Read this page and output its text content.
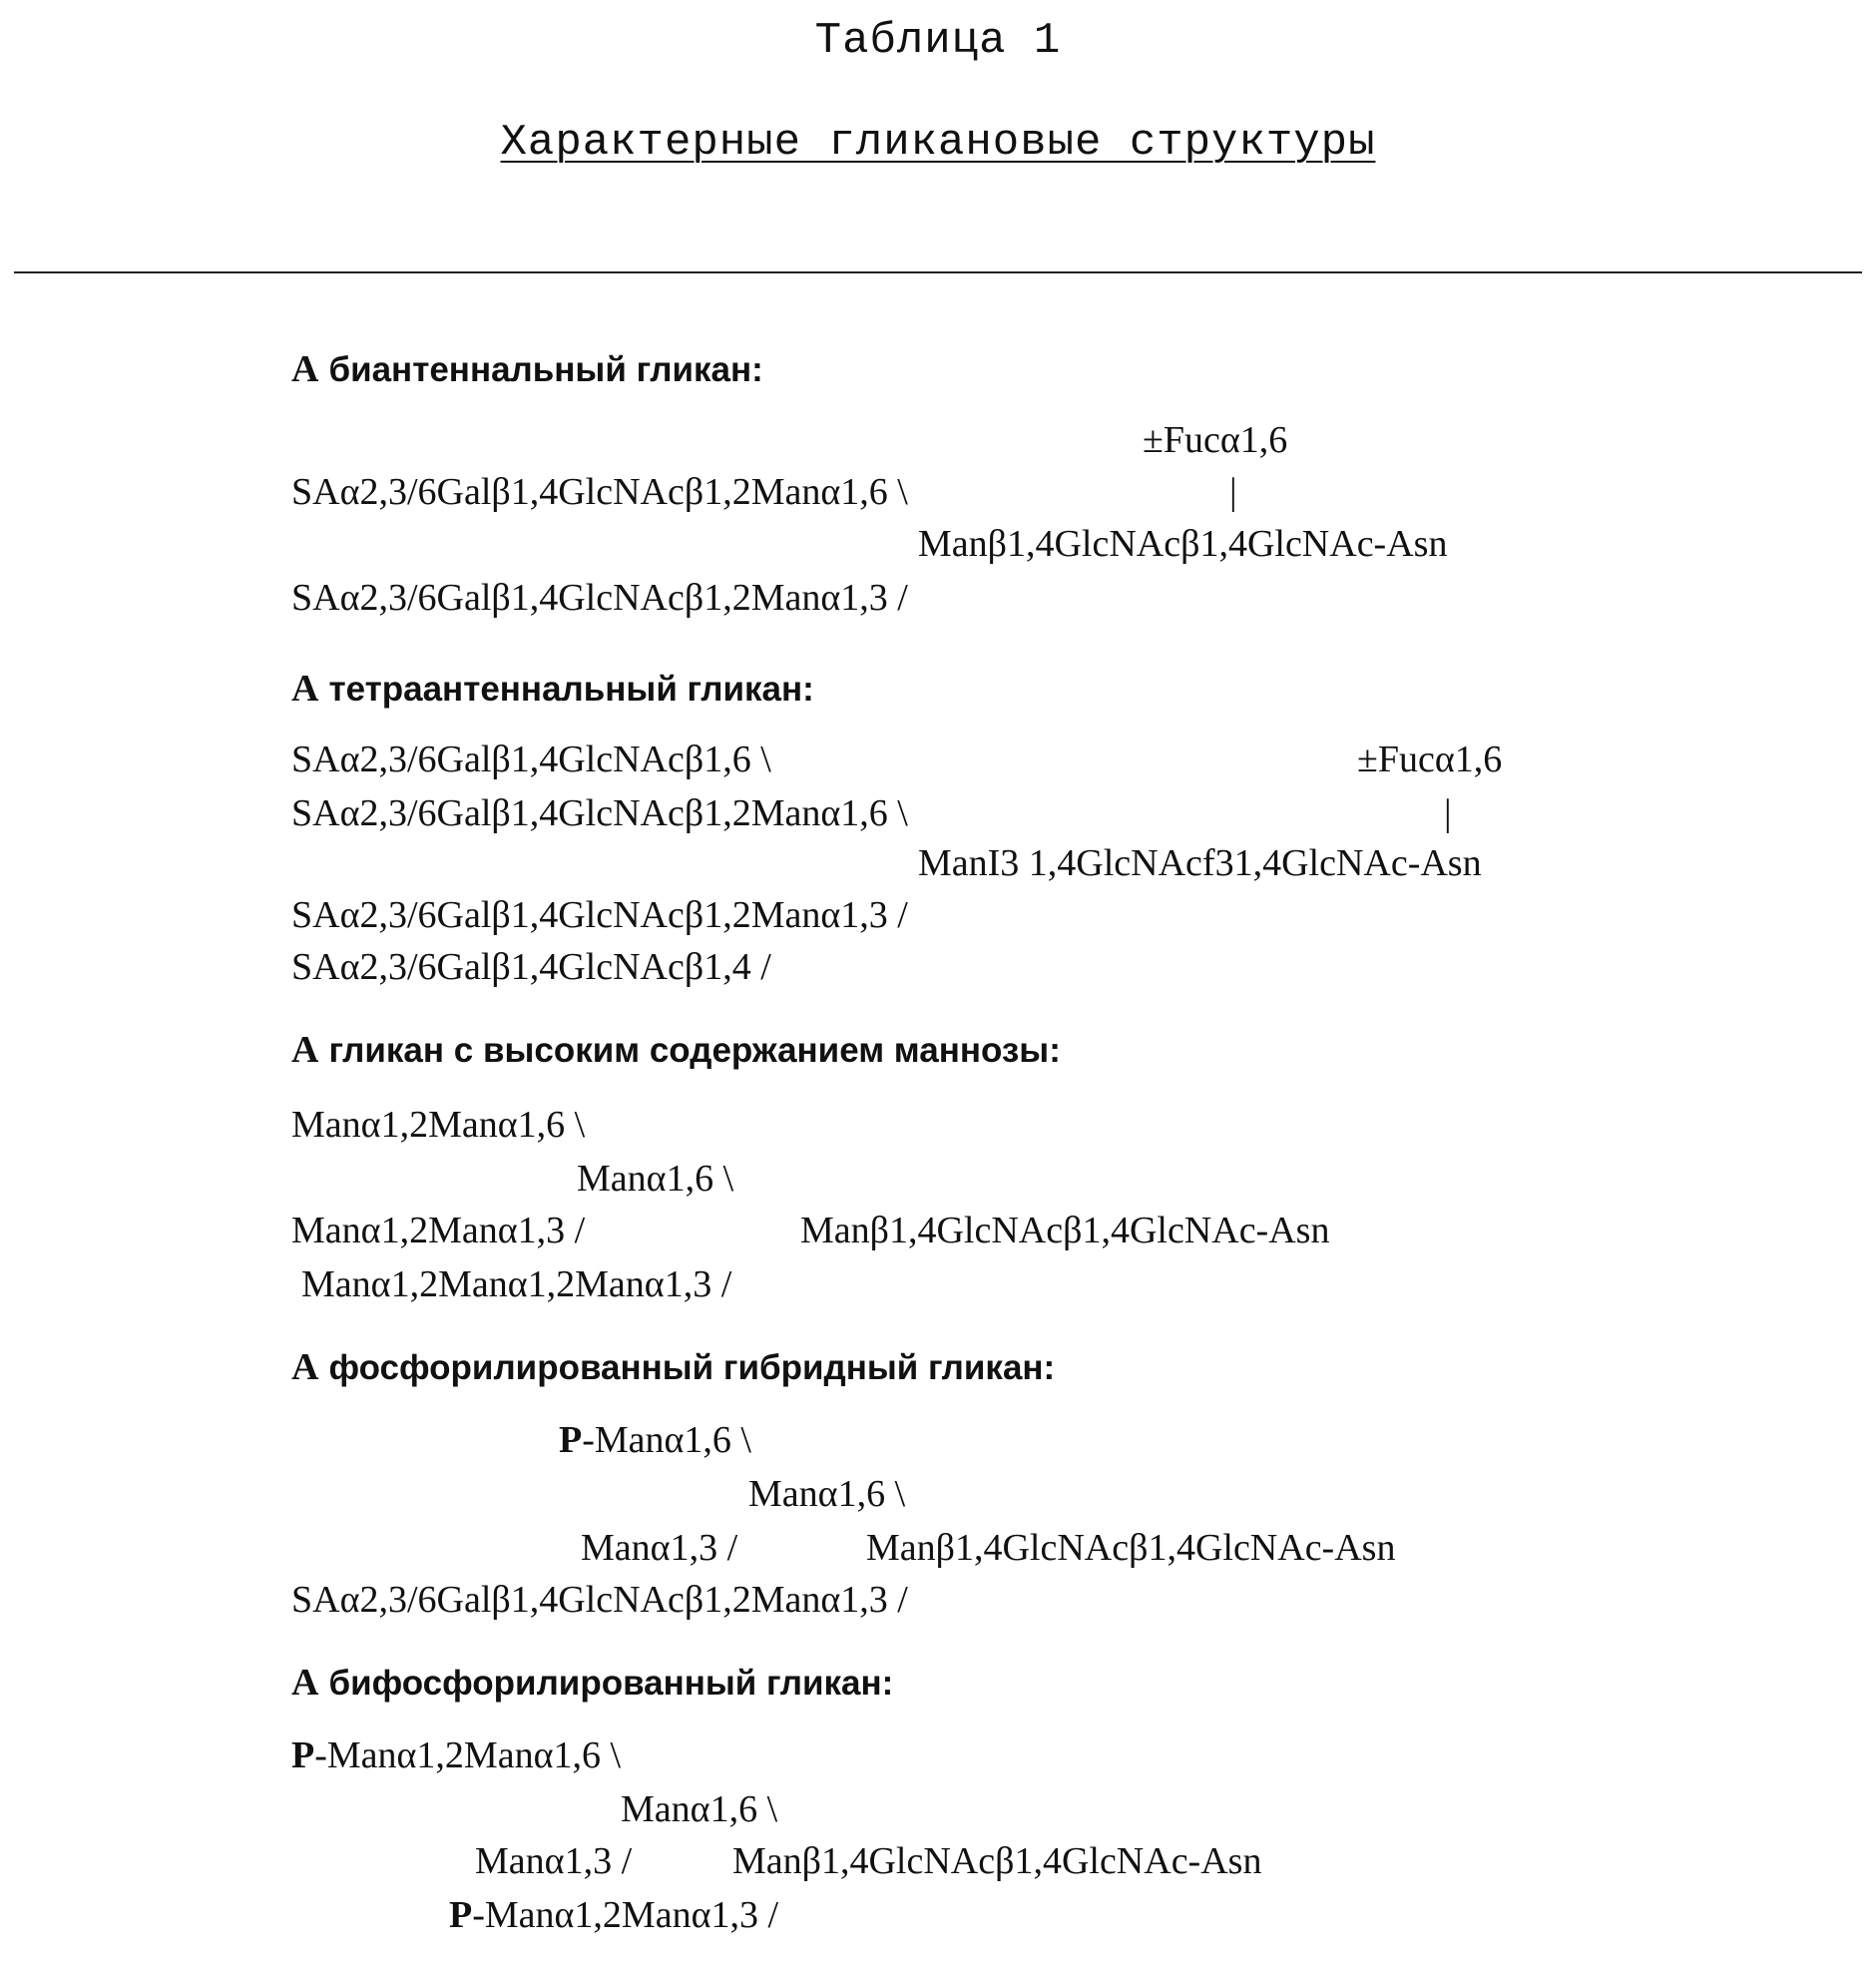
Таблица 1
Характерные гликановые структуры
А биантеннальный гликан:
±Fucα1,6
SAα2,3/6Galβ1,4GlcNAcβ1,2Manα1,6 \	|
Manβ1,4GlcNAcβ1,4GlcNAc-Asn
SAα2,3/6Galβ1,4GlcNAcβ1,2Manα1,3 /
А тетраантеннальный гликан:
SAα2,3/6Galβ1,4GlcNAcβ1,6 \	±Fucα1,6
SAα2,3/6Galβ1,4GlcNAcβ1,2Manα1,6 \	|
ManI3 1,4GlcNAcf31,4GlcNAc-Asn
SAα2,3/6Galβ1,4GlcNAcβ1,2Manα1,3 /
SAα2,3/6Galβ1,4GlcNAcβ1,4 /
А гликан с высоким содержанием маннозы:
Manα1,2Manα1,6 \
Manα1,6 \
Manα1,2Manα1,3 /	Manβ1,4GlcNAcβ1,4GlcNAc-Asn
Manα1,2Manα1,2Manα1,3 /
А фосфорилированный гибридный гликан:
P-Manα1,6 \
Manα1,6 \
Manα1,3 /	Manβ1,4GlcNAcβ1,4GlcNAc-Asn
SAα2,3/6Galβ1,4GlcNAcβ1,2Manα1,3 /
А бифосфорилированный гликан:
P-Manα1,2Manα1,6 \
Manα1,6 \
Manα1,3 /	Manβ1,4GlcNAcβ1,4GlcNAc-Asn
P-Manα1,2Manα1,3 /
